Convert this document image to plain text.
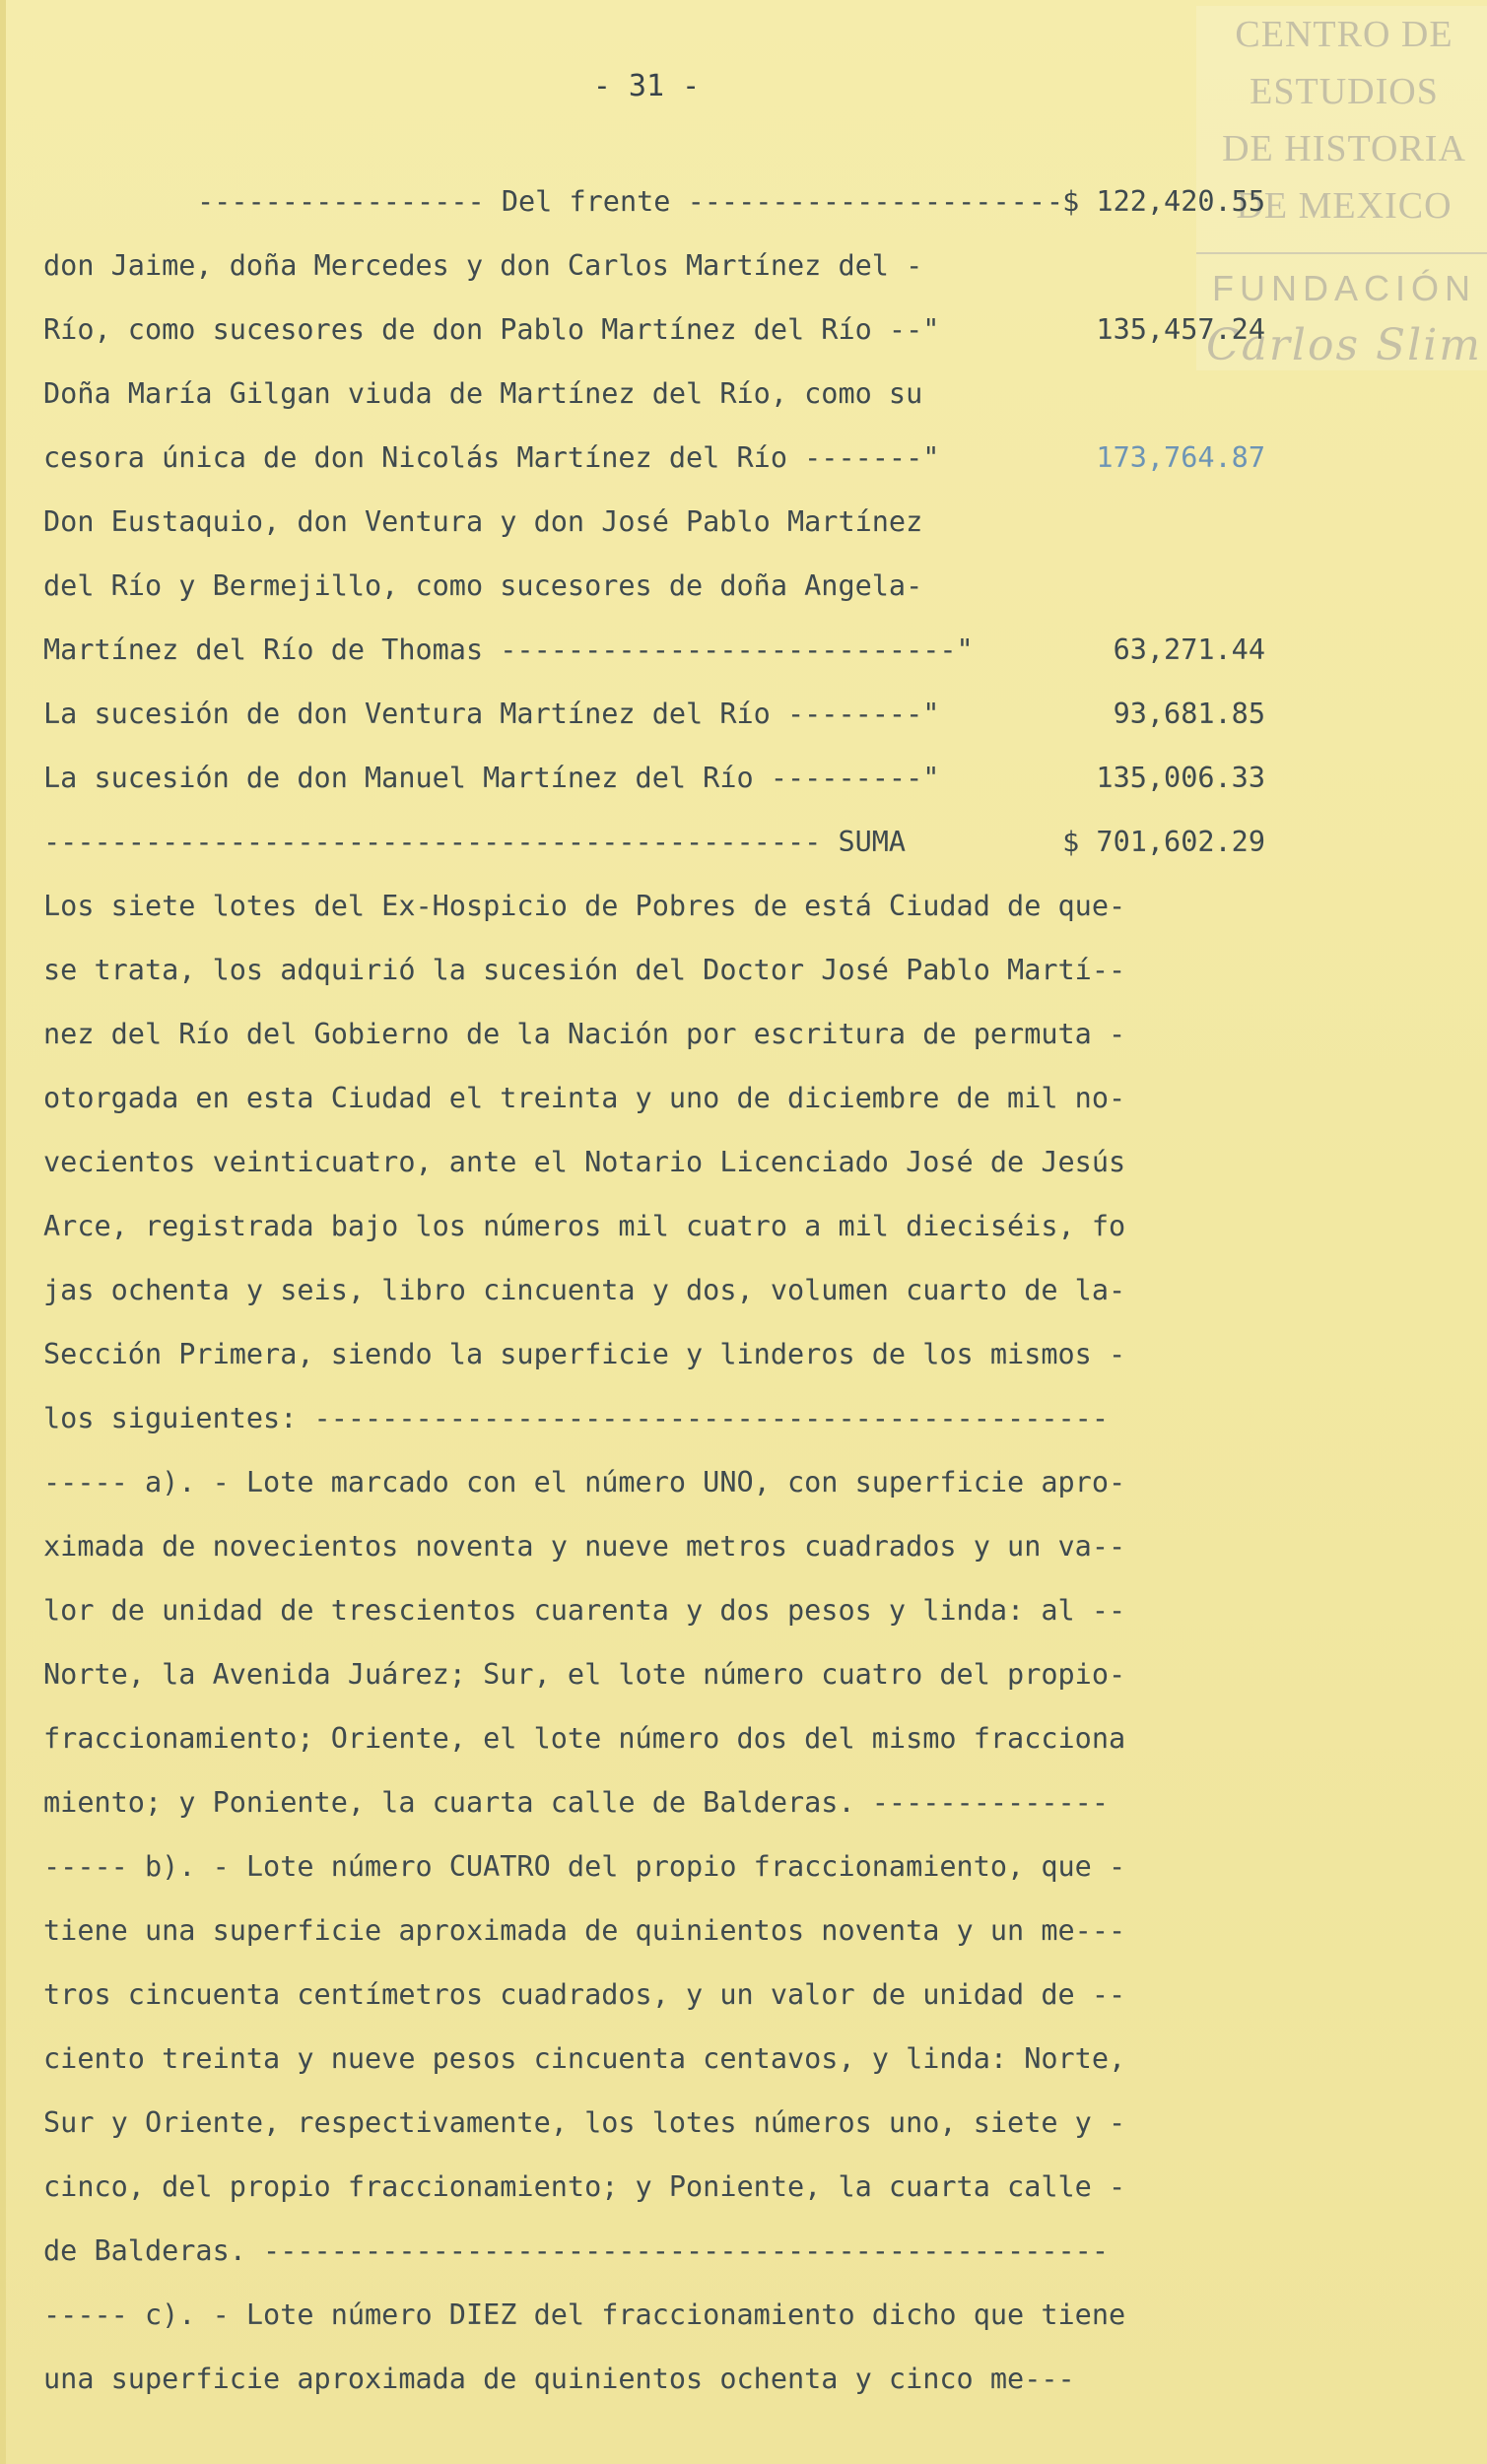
CENTRO DE
ESTUDIOS
DE HISTORIA
DE MEXICO
FUNDACIÓN
Carlos Slim
- 31 -
----------------- Del frente -----------------
-----	$ 122,420.55
don Jaime, doña Mercedes y don Carlos Martínez del -
Río, como sucesores de don Pablo Martínez del Río --"	135,457.24
Doña María Gilgan viuda de Martínez del Río, como su
cesora única de don Nicolás Martínez del Río -------"	173,764.87
Don Eustaquio, don Ventura y don José Pablo Martínez
del Río y Bermejillo, como sucesores de doña Angela-
Martínez del Río de Thomas ---------------------------"	63,271.44
La sucesión de don Ventura Martínez del Río --------"	93,681.85
La sucesión de don Manuel Martínez del Río ---------"	135,006.33
---------------------------------------------- SUMA	$ 701,602.29
Los siete lotes del Ex-Hospicio de Pobres de está Ciudad de que-
se trata, los adquirió la sucesión del Doctor José Pablo Martí--
nez del Río del Gobierno de la Nación por escritura de permuta -
otorgada en esta Ciudad el treinta y uno de diciembre de mil no-
vecientos veinticuatro, ante el Notario Licenciado José de Jesús
Arce, registrada bajo los números mil cuatro a mil dieciséis, fo
jas ochenta y seis, libro cincuenta y dos, volumen cuarto de la-
Sección Primera, siendo la superficie y linderos de los mismos -
los siguientes: -----------------------------------------------
----- a). - Lote marcado con el número UNO, con superficie apro-
ximada de novecientos noventa y nueve metros cuadrados y un va--
lor de unidad de trescientos cuarenta y dos pesos y linda: al --
Norte, la Avenida Juárez; Sur, el lote número cuatro del propio-
fraccionamiento; Oriente, el lote número dos del mismo fracciona
miento; y Poniente, la cuarta calle de Balderas. --------------
----- b). - Lote número CUATRO del propio fraccionamiento, que -
tiene una superficie aproximada de quinientos noventa y un me---
tros cincuenta centímetros cuadrados, y un valor de unidad de --
ciento treinta y nueve pesos cincuenta centavos, y linda: Norte,
Sur y Oriente, respectivamente, los lotes números uno, siete y -
cinco, del propio fraccionamiento; y Poniente, la cuarta calle -
de Balderas. --------------------------------------------------
----- c). - Lote número DIEZ del fraccionamiento dicho que tiene
una superficie aproximada de quinientos ochenta y cinco me---
